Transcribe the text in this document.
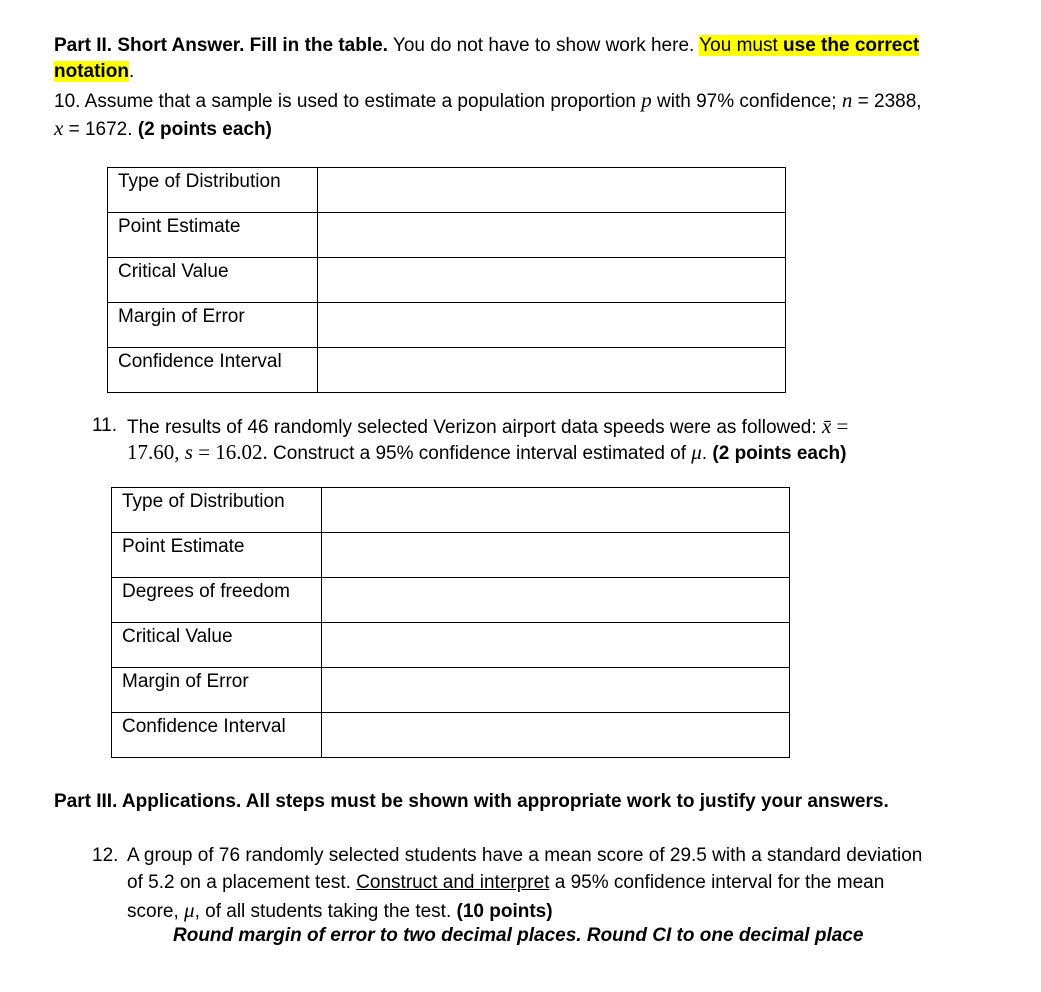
Part II. Short Answer. Fill in the table. You do not have to show work here. You must use the correct
notation.
10. Assume that a sample is used to estimate a population proportion p with 97% confidence; n = 2388,
x = 1672. (2 points each)
Type of Distribution	
Point Estimate	
Critical Value	
Margin of Error	
Confidence Interval	
11. The results of 46 randomly selected Verizon airport data speeds were as followed: x̄ =
17.60, s = 16.02. Construct a 95% confidence interval estimated of μ. (2 points each)
Type of Distribution	
Point Estimate	
Degrees of freedom	
Critical Value	
Margin of Error	
Confidence Interval	
Part III. Applications. All steps must be shown with appropriate work to justify your answers.
12. A group of 76 randomly selected students have a mean score of 29.5 with a standard deviation
of 5.2 on a placement test. Construct and interpret a 95% confidence interval for the mean
score, μ, of all students taking the test. (10 points)
Round margin of error to two decimal places. Round CI to one decimal place
